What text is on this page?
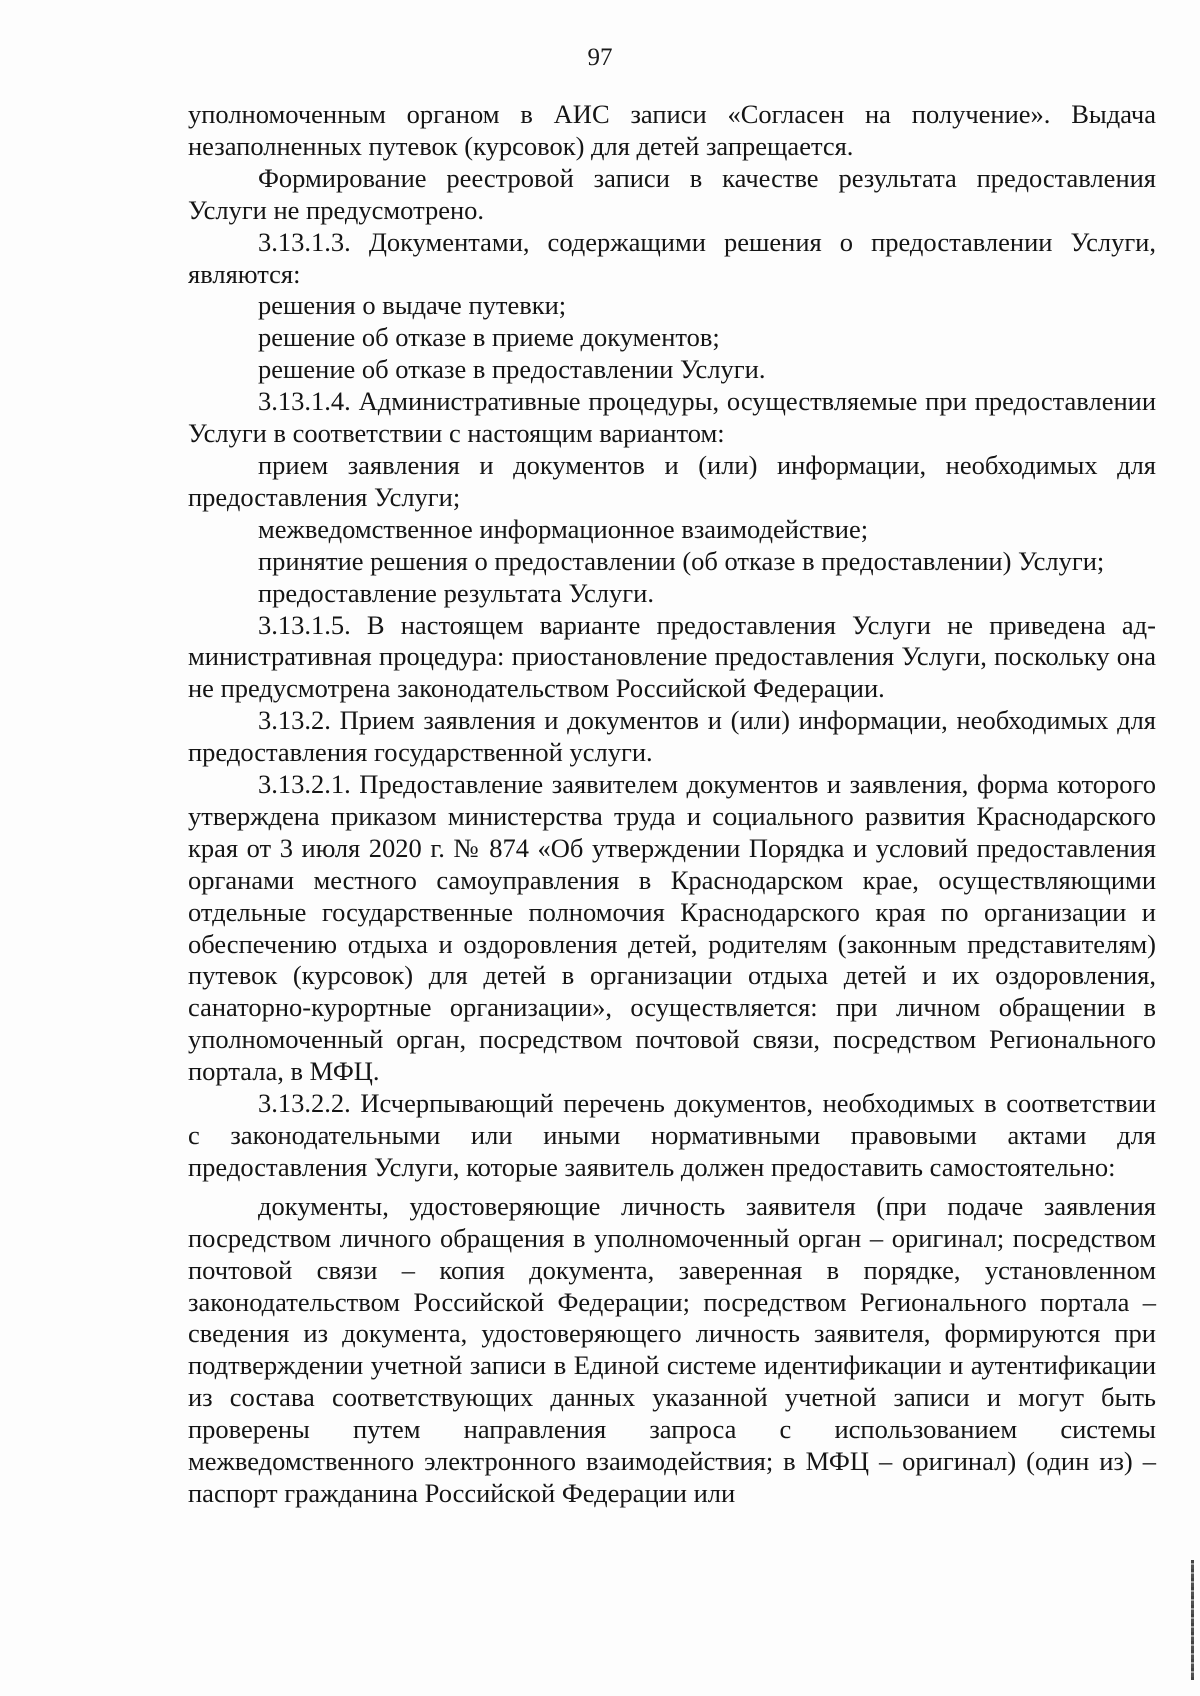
97

уполномоченным органом в АИС записи «Согласен на получение». Выдача незаполненных путевок (курсовок) для детей запрещается.

Формирование реестровой записи в качестве результата предоставления Услуги не предусмотрено.

3.13.1.3. Документами, содержащими решения о предоставлении Услуги, являются:

решения о выдаче путевки;

решение об отказе в приеме документов;

решение об отказе в предоставлении Услуги.

3.13.1.4. Административные процедуры, осуществляемые при предоставлении Услуги в соответствии с настоящим вариантом:

прием заявления и документов и (или) информации, необходимых для предоставления Услуги;

межведомственное информационное взаимодействие;

принятие решения о предоставлении (об отказе в предоставлении) Услуги;

предоставление результата Услуги.

3.13.1.5. В настоящем варианте предоставления Услуги не приведена административная процедура: приостановление предоставления Услуги, поскольку она не предусмотрена законодательством Российской Федерации.

3.13.2. Прием заявления и документов и (или) информации, необходимых для предоставления государственной услуги.

3.13.2.1. Предоставление заявителем документов и заявления, форма которого утверждена приказом министерства труда и социального развития Краснодарского края от 3 июля 2020 г. № 874 «Об утверждении Порядка и условий предоставления органами местного самоуправления в Краснодарском крае, осуществляющими отдельные государственные полномочия Краснодарского края по организации и обеспечению отдыха и оздоровления детей, родителям (законным представителям) путевок (курсовок) для детей в организации отдыха детей и их оздоровления, санаторно-курортные организации», осуществляется: при личном обращении в уполномоченный орган, посредством почтовой связи, посредством Регионального портала, в МФЦ.

3.13.2.2. Исчерпывающий перечень документов, необходимых в соответствии с законодательными или иными нормативными правовыми актами для предоставления Услуги, которые заявитель должен предоставить самостоятельно:

документы, удостоверяющие личность заявителя (при подаче заявления посредством личного обращения в уполномоченный орган – оригинал; посредством почтовой связи – копия документа, заверенная в порядке, установленном законодательством Российской Федерации; посредством Регионального портала – сведения из документа, удостоверяющего личность заявителя, формируются при подтверждении учетной записи в Единой системе идентификации и аутентификации из состава соответствующих данных указанной учетной записи и могут быть проверены путем направления запроса с использованием системы межведомственного электронного взаимодействия; в МФЦ – оригинал) (один из) – паспорт гражданина Российской Федерации или
